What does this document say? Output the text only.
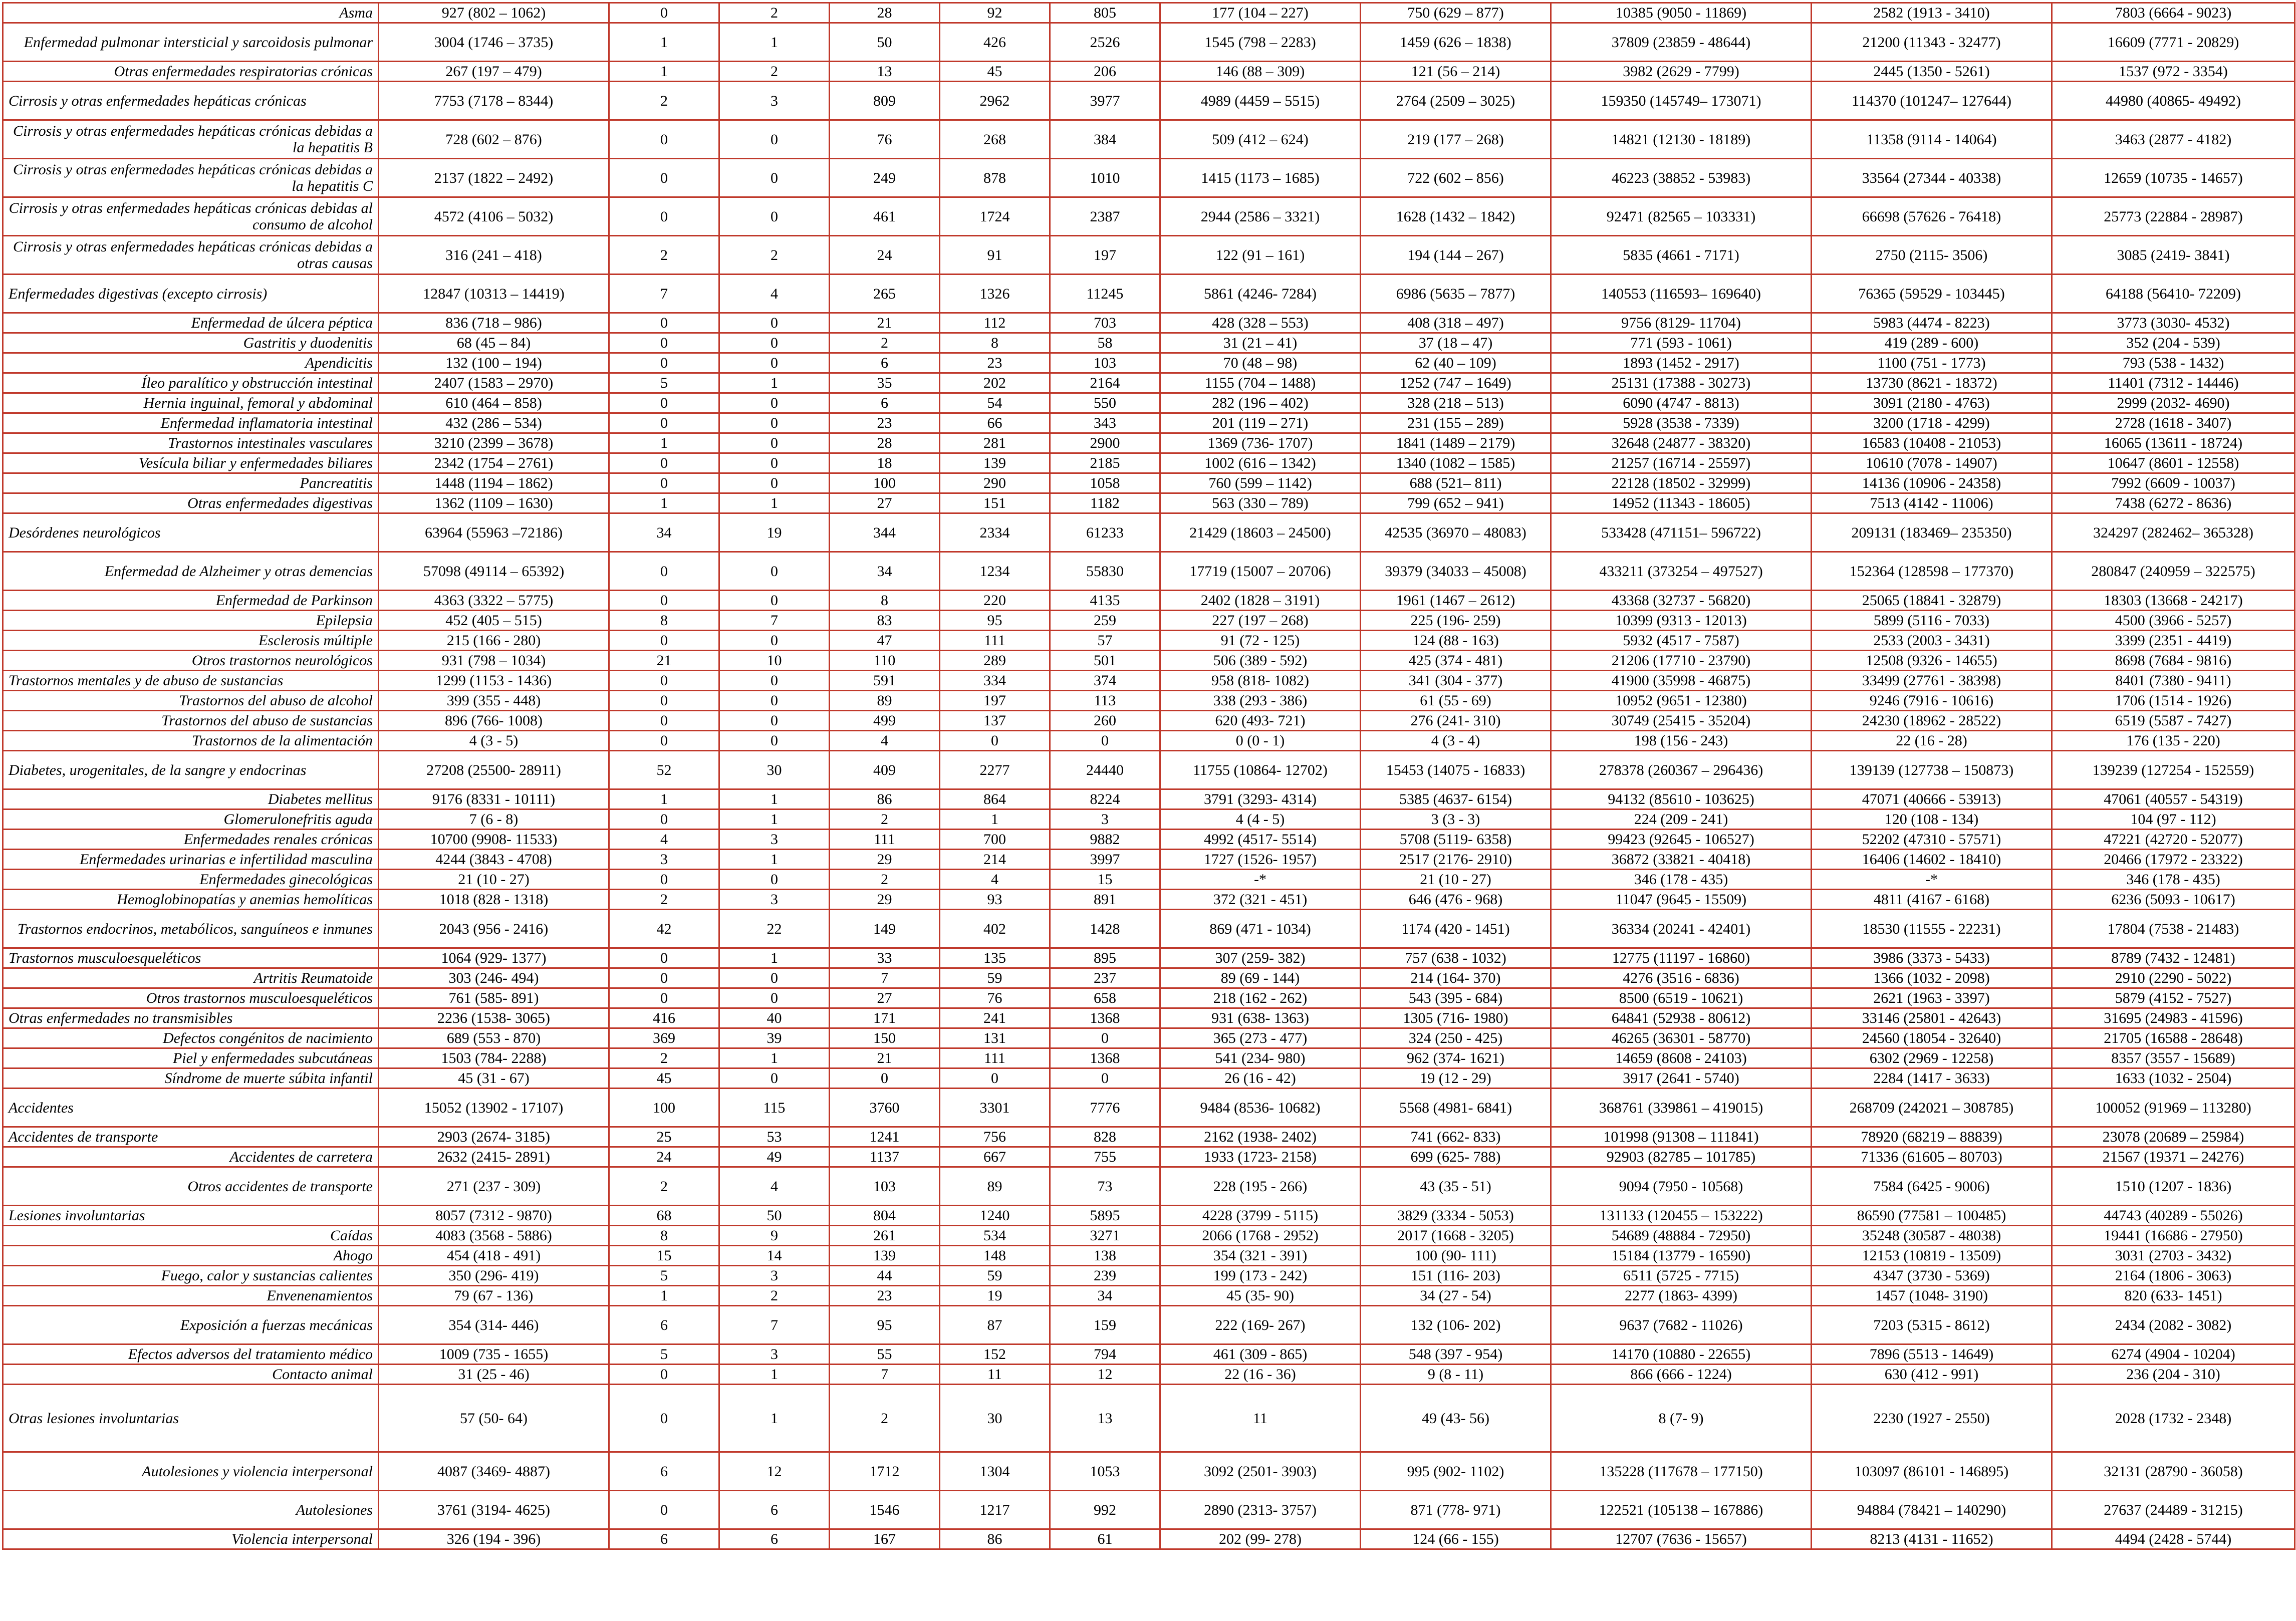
Asma	927 (802 – 1062)	0	2	28	92	805	177 (104 – 227)	750 (629 – 877)	10385 (9050 - 11869)	2582 (1913 - 3410)	7803 (6664 - 9023)	
Enfermedad pulmonar intersticial y sarcoidosis pulmonar	3004 (1746 – 3735)	1	1	50	426	2526	1545 (798 – 2283)	1459 (626 – 1838)	37809 (23859 - 48644)	21200 (11343 - 32477)	16609 (7771 - 20829)	
Otras enfermedades respiratorias crónicas	267 (197 – 479)	1	2	13	45	206	146 (88 – 309)	121 (56 – 214)	3982 (2629 - 7799)	2445 (1350 - 5261)	1537 (972 - 3354)	
Cirrosis y otras enfermedades hepáticas crónicas	7753 (7178 – 8344)	2	3	809	2962	3977	4989 (4459 – 5515)	2764 (2509 – 3025)	159350 (145749– 173071)	114370 (101247– 127644)	44980 (40865- 49492)	
Cirrosis y otras enfermedades hepáticas crónicas debidas a la hepatitis B	728 (602 – 876)	0	0	76	268	384	509 (412 – 624)	219 (177 – 268)	14821 (12130 - 18189)	11358 (9114 - 14064)	3463 (2877 - 4182)	
Cirrosis y otras enfermedades hepáticas crónicas debidas a la hepatitis C	2137 (1822 – 2492)	0	0	249	878	1010	1415 (1173 – 1685)	722 (602 – 856)	46223 (38852 - 53983)	33564 (27344 - 40338)	12659 (10735 - 14657)	
Cirrosis y otras enfermedades hepáticas crónicas debidas al consumo de alcohol	4572 (4106 – 5032)	0	0	461	1724	2387	2944 (2586 – 3321)	1628 (1432 – 1842)	92471 (82565 – 103331)	66698 (57626 - 76418)	25773 (22884 - 28987)	
Cirrosis y otras enfermedades hepáticas crónicas debidas a otras causas	316 (241 – 418)	2	2	24	91	197	122 (91 – 161)	194 (144 – 267)	5835 (4661 - 7171)	2750 (2115- 3506)	3085 (2419- 3841)	
Enfermedades digestivas (excepto cirrosis)	12847 (10313 – 14419)	7	4	265	1326	11245	5861 (4246- 7284)	6986 (5635 – 7877)	140553 (116593– 169640)	76365 (59529 - 103445)	64188 (56410- 72209)	
Enfermedad de úlcera péptica	836 (718 – 986)	0	0	21	112	703	428 (328 – 553)	408 (318 – 497)	9756 (8129- 11704)	5983 (4474 - 8223)	3773 (3030- 4532)	
Gastritis y duodenitis	68 (45 – 84)	0	0	2	8	58	31 (21 – 41)	37 (18 – 47)	771 (593 - 1061)	419 (289 - 600)	352 (204 - 539)	
Apendicitis	132 (100 – 194)	0	0	6	23	103	70 (48 – 98)	62 (40 – 109)	1893 (1452 - 2917)	1100 (751 - 1773)	793 (538 - 1432)	
Íleo paralítico y obstrucción intestinal	2407 (1583 – 2970)	5	1	35	202	2164	1155 (704 – 1488)	1252 (747 – 1649)	25131 (17388 - 30273)	13730 (8621 - 18372)	11401 (7312 - 14446)	
Hernia inguinal, femoral y abdominal	610 (464 – 858)	0	0	6	54	550	282 (196 – 402)	328 (218 – 513)	6090 (4747 - 8813)	3091 (2180 - 4763)	2999 (2032- 4690)	
Enfermedad inflamatoria intestinal	432 (286 – 534)	0	0	23	66	343	201 (119 – 271)	231 (155 – 289)	5928 (3538 - 7339)	3200 (1718 - 4299)	2728 (1618 - 3407)	
Trastornos intestinales vasculares	3210 (2399 – 3678)	1	0	28	281	2900	1369 (736- 1707)	1841 (1489 – 2179)	32648 (24877 - 38320)	16583 (10408 - 21053)	16065 (13611 - 18724)	
Vesícula biliar y enfermedades biliares	2342 (1754 – 2761)	0	0	18	139	2185	1002 (616 – 1342)	1340 (1082 – 1585)	21257 (16714 - 25597)	10610 (7078 - 14907)	10647 (8601 - 12558)	
Pancreatitis	1448 (1194 – 1862)	0	0	100	290	1058	760 (599 – 1142)	688 (521– 811)	22128 (18502 - 32999)	14136 (10906 - 24358)	7992 (6609 - 10037)	
Otras enfermedades digestivas	1362 (1109 – 1630)	1	1	27	151	1182	563 (330 – 789)	799 (652 – 941)	14952 (11343 - 18605)	7513 (4142 - 11006)	7438 (6272 - 8636)	
Desórdenes neurológicos	63964 (55963 –72186)	34	19	344	2334	61233	21429 (18603 – 24500)	42535 (36970 – 48083)	533428 (471151– 596722)	209131 (183469– 235350)	324297 (282462– 365328)	
Enfermedad de Alzheimer y otras demencias	57098 (49114 – 65392)	0	0	34	1234	55830	17719 (15007 – 20706)	39379 (34033 – 45008)	433211 (373254 – 497527)	152364 (128598 – 177370)	280847 (240959 – 322575)	
Enfermedad de Parkinson	4363 (3322 – 5775)	0	0	8	220	4135	2402 (1828 – 3191)	1961 (1467 – 2612)	43368 (32737 - 56820)	25065 (18841 - 32879)	18303 (13668 - 24217)	
Epilepsia	452 (405 – 515)	8	7	83	95	259	227 (197 – 268)	225 (196- 259)	10399 (9313 - 12013)	5899 (5116 - 7033)	4500 (3966 - 5257)	
Esclerosis múltiple	215 (166 - 280)	0	0	47	111	57	91 (72 - 125)	124 (88 - 163)	5932 (4517 - 7587)	2533 (2003 - 3431)	3399 (2351 - 4419)	
Otros trastornos neurológicos	931 (798 – 1034)	21	10	110	289	501	506 (389 - 592)	425 (374 - 481)	21206 (17710 - 23790)	12508 (9326 - 14655)	8698 (7684 - 9816)	
Trastornos mentales y de abuso de sustancias	1299 (1153 - 1436)	0	0	591	334	374	958 (818- 1082)	341 (304 - 377)	41900 (35998 - 46875)	33499 (27761 - 38398)	8401 (7380 - 9411)	
Trastornos del abuso de alcohol	399 (355 - 448)	0	0	89	197	113	338 (293 - 386)	61 (55 - 69)	10952 (9651 - 12380)	9246 (7916 - 10616)	1706 (1514 - 1926)	
Trastornos del abuso de sustancias	896 (766- 1008)	0	0	499	137	260	620 (493- 721)	276 (241- 310)	30749 (25415 - 35204)	24230 (18962 - 28522)	6519 (5587 - 7427)	
Trastornos de la alimentación	4 (3 - 5)	0	0	4	0	0	0 (0 - 1)	4 (3 - 4)	198 (156 - 243)	22 (16 - 28)	176 (135 - 220)	
Diabetes, urogenitales, de la sangre y endocrinas	27208 (25500- 28911)	52	30	409	2277	24440	11755 (10864- 12702)	15453 (14075 - 16833)	278378 (260367 – 296436)	139139 (127738 – 150873)	139239 (127254 - 152559)	
Diabetes mellitus	9176 (8331 - 10111)	1	1	86	864	8224	3791 (3293- 4314)	5385 (4637- 6154)	94132 (85610 - 103625)	47071 (40666 - 53913)	47061 (40557 - 54319)	
Glomerulonefritis aguda	7 (6 - 8)	0	1	2	1	3	4 (4 - 5)	3 (3 - 3)	224 (209 - 241)	120 (108 - 134)	104 (97 - 112)	
Enfermedades renales crónicas	10700 (9908- 11533)	4	3	111	700	9882	4992 (4517- 5514)	5708 (5119- 6358)	99423 (92645 - 106527)	52202 (47310 - 57571)	47221 (42720 - 52077)	
Enfermedades urinarias e infertilidad masculina	4244 (3843 - 4708)	3	1	29	214	3997	1727 (1526- 1957)	2517 (2176- 2910)	36872 (33821 - 40418)	16406 (14602 - 18410)	20466 (17972 - 23322)	
Enfermedades ginecológicas	21 (10 - 27)	0	0	2	4	15	-*	21 (10 - 27)	346 (178 - 435)	-*	346 (178 - 435)	
Hemoglobinopatías y anemias hemolíticas	1018 (828 - 1318)	2	3	29	93	891	372 (321 - 451)	646 (476 - 968)	11047 (9645 - 15509)	4811 (4167 - 6168)	6236 (5093 - 10617)	
Trastornos endocrinos, metabólicos, sanguíneos e inmunes	2043 (956 - 2416)	42	22	149	402	1428	869 (471 - 1034)	1174 (420 - 1451)	36334 (20241 - 42401)	18530 (11555 - 22231)	17804 (7538 - 21483)	
Trastornos musculoesqueléticos	1064 (929- 1377)	0	1	33	135	895	307 (259- 382)	757 (638 - 1032)	12775 (11197 - 16860)	3986 (3373 - 5433)	8789 (7432 - 12481)	
Artritis Reumatoide	303 (246- 494)	0	0	7	59	237	89 (69 - 144)	214 (164- 370)	4276 (3516 - 6836)	1366 (1032 - 2098)	2910 (2290 - 5022)	
Otros trastornos musculoesqueléticos	761 (585- 891)	0	0	27	76	658	218 (162 - 262)	543 (395 - 684)	8500 (6519 - 10621)	2621 (1963 - 3397)	5879 (4152 - 7527)	
Otras enfermedades no transmisibles	2236 (1538- 3065)	416	40	171	241	1368	931 (638- 1363)	1305 (716- 1980)	64841 (52938 - 80612)	33146 (25801 - 42643)	31695 (24983 - 41596)	
Defectos congénitos de nacimiento	689 (553 - 870)	369	39	150	131	0	365 (273 - 477)	324 (250 - 425)	46265 (36301 - 58770)	24560 (18054 - 32640)	21705 (16588 - 28648)	
Piel y enfermedades subcutáneas	1503 (784- 2288)	2	1	21	111	1368	541 (234- 980)	962 (374- 1621)	14659 (8608 - 24103)	6302 (2969 - 12258)	8357 (3557 - 15689)	
Síndrome de muerte súbita infantil	45 (31 - 67)	45	0	0	0	0	26 (16 - 42)	19 (12 - 29)	3917 (2641 - 5740)	2284 (1417 - 3633)	1633 (1032 - 2504)	
Accidentes	15052 (13902 - 17107)	100	115	3760	3301	7776	9484 (8536- 10682)	5568 (4981- 6841)	368761 (339861 – 419015)	268709 (242021 – 308785)	100052 (91969 – 113280)	
Accidentes de transporte	2903 (2674- 3185)	25	53	1241	756	828	2162 (1938- 2402)	741 (662- 833)	101998 (91308 – 111841)	78920 (68219 – 88839)	23078 (20689 – 25984)	
Accidentes de carretera	2632 (2415- 2891)	24	49	1137	667	755	1933 (1723- 2158)	699 (625- 788)	92903 (82785 – 101785)	71336 (61605 – 80703)	21567 (19371 – 24276)	
Otros accidentes de transporte	271 (237 - 309)	2	4	103	89	73	228 (195 - 266)	43 (35 - 51)	9094 (7950 - 10568)	7584 (6425 - 9006)	1510 (1207 - 1836)	
Lesiones involuntarias	8057 (7312 - 9870)	68	50	804	1240	5895	4228 (3799 - 5115)	3829 (3334 - 5053)	131133 (120455 – 153222)	86590 (77581 – 100485)	44743 (40289 - 55026)	
Caídas	4083 (3568 - 5886)	8	9	261	534	3271	2066 (1768 - 2952)	2017 (1668 - 3205)	54689 (48884 - 72950)	35248 (30587 - 48038)	19441 (16686 - 27950)	
Ahogo	454 (418 - 491)	15	14	139	148	138	354 (321 - 391)	100 (90- 111)	15184 (13779 - 16590)	12153 (10819 - 13509)	3031 (2703 - 3432)	
Fuego, calor y sustancias calientes	350 (296- 419)	5	3	44	59	239	199 (173 - 242)	151 (116- 203)	6511 (5725 - 7715)	4347 (3730 - 5369)	2164 (1806 - 3063)	
Envenenamientos	79 (67 - 136)	1	2	23	19	34	45 (35- 90)	34 (27 - 54)	2277 (1863- 4399)	1457 (1048- 3190)	820 (633- 1451)	
Exposición a fuerzas mecánicas	354 (314- 446)	6	7	95	87	159	222 (169- 267)	132 (106- 202)	9637 (7682 - 11026)	7203 (5315 - 8612)	2434 (2082 - 3082)	
Efectos adversos del tratamiento médico	1009 (735 - 1655)	5	3	55	152	794	461 (309 - 865)	548 (397 - 954)	14170 (10880 - 22655)	7896 (5513 - 14649)	6274 (4904 - 10204)	
Contacto animal	31 (25 - 46)	0	1	7	11	12	22 (16 - 36)	9 (8 - 11)	866 (666 - 1224)	630 (412 - 991)	236 (204 - 310)	
Otras lesiones involuntarias	57 (50- 64)	0	1	2	30	13	11	49 (43- 56)	8 (7- 9)	2230 (1927 - 2550)	2028 (1732 - 2348)	
Autolesiones y violencia interpersonal	4087 (3469- 4887)	6	12	1712	1304	1053	3092 (2501- 3903)	995 (902- 1102)	135228 (117678 – 177150)	103097 (86101 - 146895)	32131 (28790 - 36058)	
Autolesiones	3761 (3194- 4625)	0	6	1546	1217	992	2890 (2313- 3757)	871 (778- 971)	122521 (105138 – 167886)	94884 (78421 – 140290)	27637 (24489 - 31215)	
Violencia interpersonal	326 (194 - 396)	6	6	167	86	61	202 (99- 278)	124 (66 - 155)	12707 (7636 - 15657)	8213 (4131 - 11652)	4494 (2428 - 5744)	
